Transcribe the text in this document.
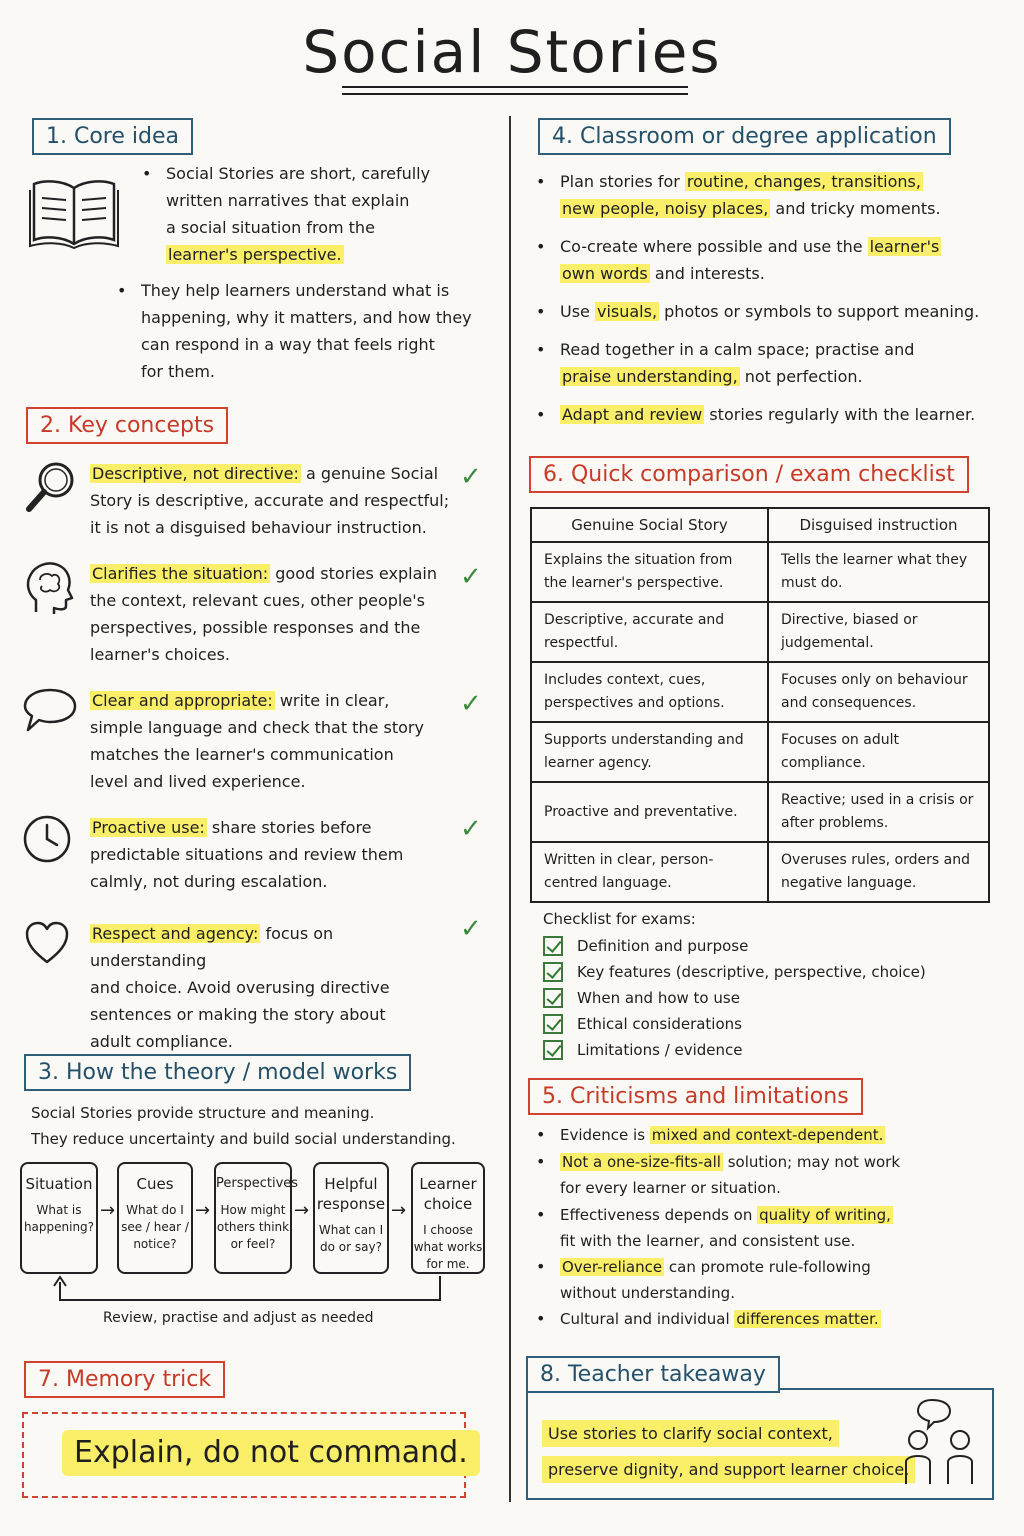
Social Stories
1. Core idea
• Social Stories are short, carefully
written narratives that explain
a social situation from the
learner's perspective.
• They help learners understand what is
happening, why it matters, and how they
can respond in a way that feels right
for them.
2. Key concepts
Descriptive, not directive: a genuine Social
Story is descriptive, accurate and respectful;
it is not a disguised behaviour instruction.
✓
Clarifies the situation: good stories explain
the context, relevant cues, other people's
perspectives, possible responses and the
learner's choices.
✓
Clear and appropriate: write in clear,
simple language and check that the story
matches the learner's communication
level and lived experience.
✓
Proactive use: share stories before
predictable situations and review them
calmly, not during escalation.
✓
Respect and agency: focus on understanding
and choice. Avoid overusing directive
sentences or making the story about
adult compliance.
✓
3. How the theory / model works
Social Stories provide structure and meaning.
They reduce uncertainty and build social understanding.
Situation
What is
happening?
→
Cues
What do I
see / hear /
notice?
→
Perspectives
How might
others think
or feel?
→
Helpful
response
What can I
do or say?
→
Learner
choice
I choose
what works
for me.
Review, practise and adjust as needed
7. Memory trick
Explain, do not command.
4. Classroom or degree application
• Plan stories for routine, changes, transitions,
new people, noisy places, and tricky moments.
• Co-create where possible and use the learner's
own words and interests.
• Use visuals, photos or symbols to support meaning.
• Read together in a calm space; practise and
praise understanding, not perfection.
• Adapt and review stories regularly with the learner.
6. Quick comparison / exam checklist
Genuine Social Story	Disguised instruction
Explains the situation from the learner's perspective.	Tells the learner what they must do.
Descriptive, accurate and respectful.	Directive, biased or judgemental.
Includes context, cues, perspectives and options.	Focuses only on behaviour and consequences.
Supports understanding and learner agency.	Focuses on adult compliance.
Proactive and preventative.	Reactive; used in a crisis or after problems.
Written in clear, person-centred language.	Overuses rules, orders and negative language.
Checklist for exams:
Definition and purpose
Key features (descriptive, perspective, choice)
When and how to use
Ethical considerations
Limitations / evidence
5. Criticisms and limitations
• Evidence is mixed and context-dependent.
• Not a one-size-fits-all solution; may not work
for every learner or situation.
• Effectiveness depends on quality of writing,
fit with the learner, and consistent use.
• Over-reliance can promote rule-following
without understanding.
• Cultural and individual differences matter.
8. Teacher takeaway
Use stories to clarify social context,
preserve dignity, and support learner choice.
